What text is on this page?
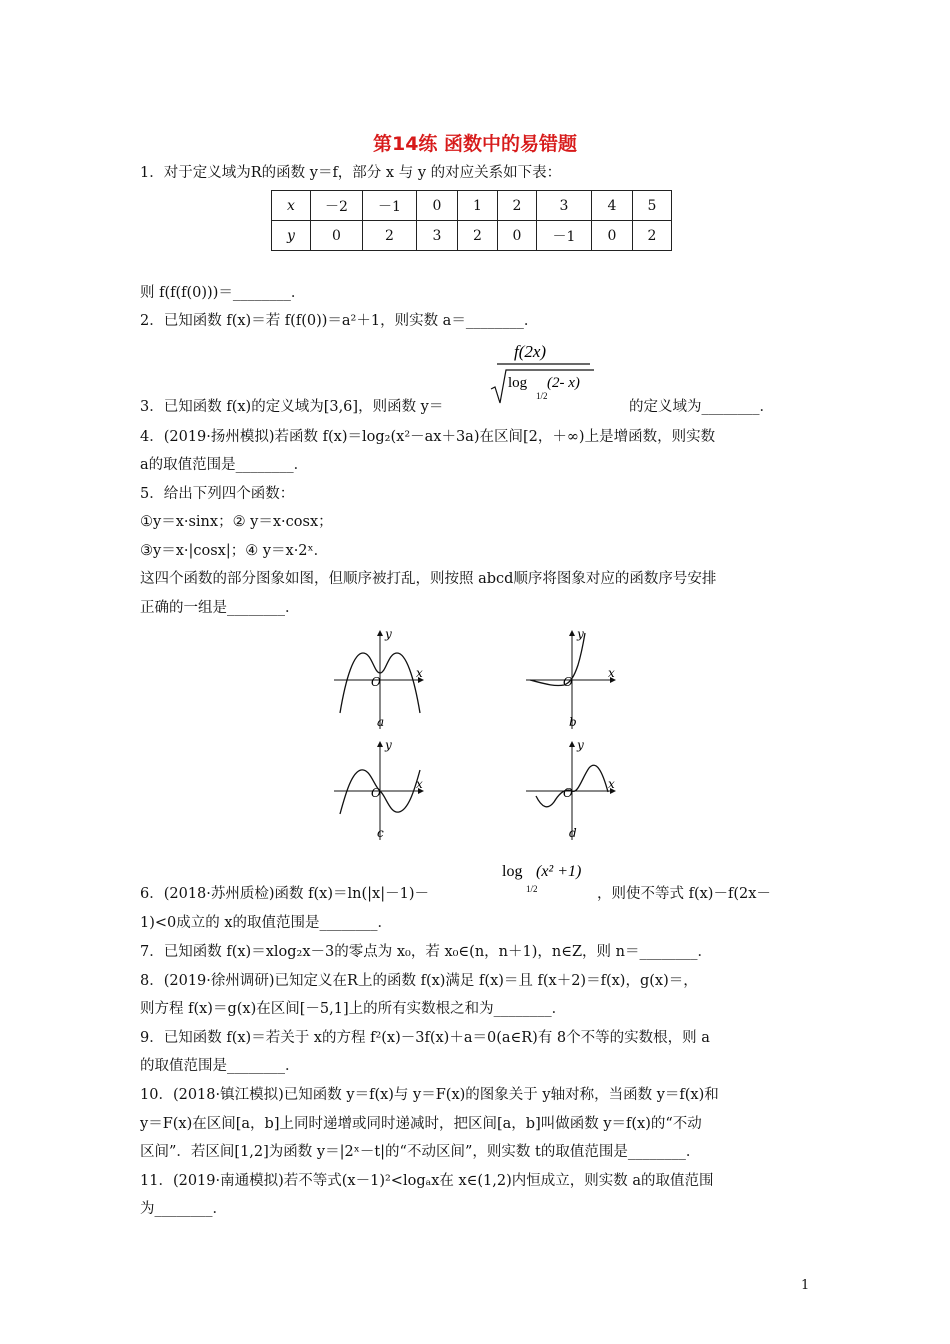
第14练 函数中的易错题
1．对于定义域为R的函数 y＝f，部分 x 与 y 的对应关系如下表：
x	－2	－1	0	1	2	3	4	5
y	0	2	3	2	0	－1	0	2
则 f(f(f(0)))＝________．
2．已知函数 f(x)＝若 f(f(0))＝a²＋1，则实数 a＝________．
f(2x)
log
1/2
(2- x)
3．已知函数 f(x)的定义域为[3,6]，则函数 y＝	的定义域为________．
4．(2019·扬州模拟)若函数 f(x)＝log₂(x²－ax＋3a)在区间[2，＋∞)上是增函数，则实数
a的取值范围是________．
5．给出下列四个函数：
①y＝x·sinx；② y＝x·cosx；
③y＝x·|cosx|；④ y＝x·2ˣ．
这四个函数的部分图象如图，但顺序被打乱，则按照 abcd顺序将图象对应的函数序号安排
正确的一组是________．
y
x
O
a
y
x
O
b
y
x
O
c
y
x
O
d
log
1/2
(x² +1)
6．(2018·苏州质检)函数 f(x)＝ln(|x|－1)－	，则使不等式 f(x)－f(2x－
1)<0成立的 x的取值范围是________．
7．已知函数 f(x)＝xlog₂x－3的零点为 x₀，若 x₀∈(n，n＋1)，n∈Z，则 n＝________．
8．(2019·徐州调研)已知定义在R上的函数 f(x)满足 f(x)＝且 f(x＋2)＝f(x)，g(x)＝，
则方程 f(x)＝g(x)在区间[－5,1]上的所有实数根之和为________．
9．已知函数 f(x)＝若关于 x的方程 f²(x)－3f(x)＋a＝0(a∈R)有 8个不等的实数根，则 a
的取值范围是________．
10．(2018·镇江模拟)已知函数 y＝f(x)与 y＝F(x)的图象关于 y轴对称，当函数 y＝f(x)和
y＝F(x)在区间[a，b]上同时递增或同时递减时，把区间[a，b]叫做函数 y＝f(x)的“不动
区间”．若区间[1,2]为函数 y＝|2ˣ－t|的“不动区间”，则实数 t的取值范围是________．
11．(2019·南通模拟)若不等式(x－1)²<logₐx在 x∈(1,2)内恒成立，则实数 a的取值范围
为________．
1
